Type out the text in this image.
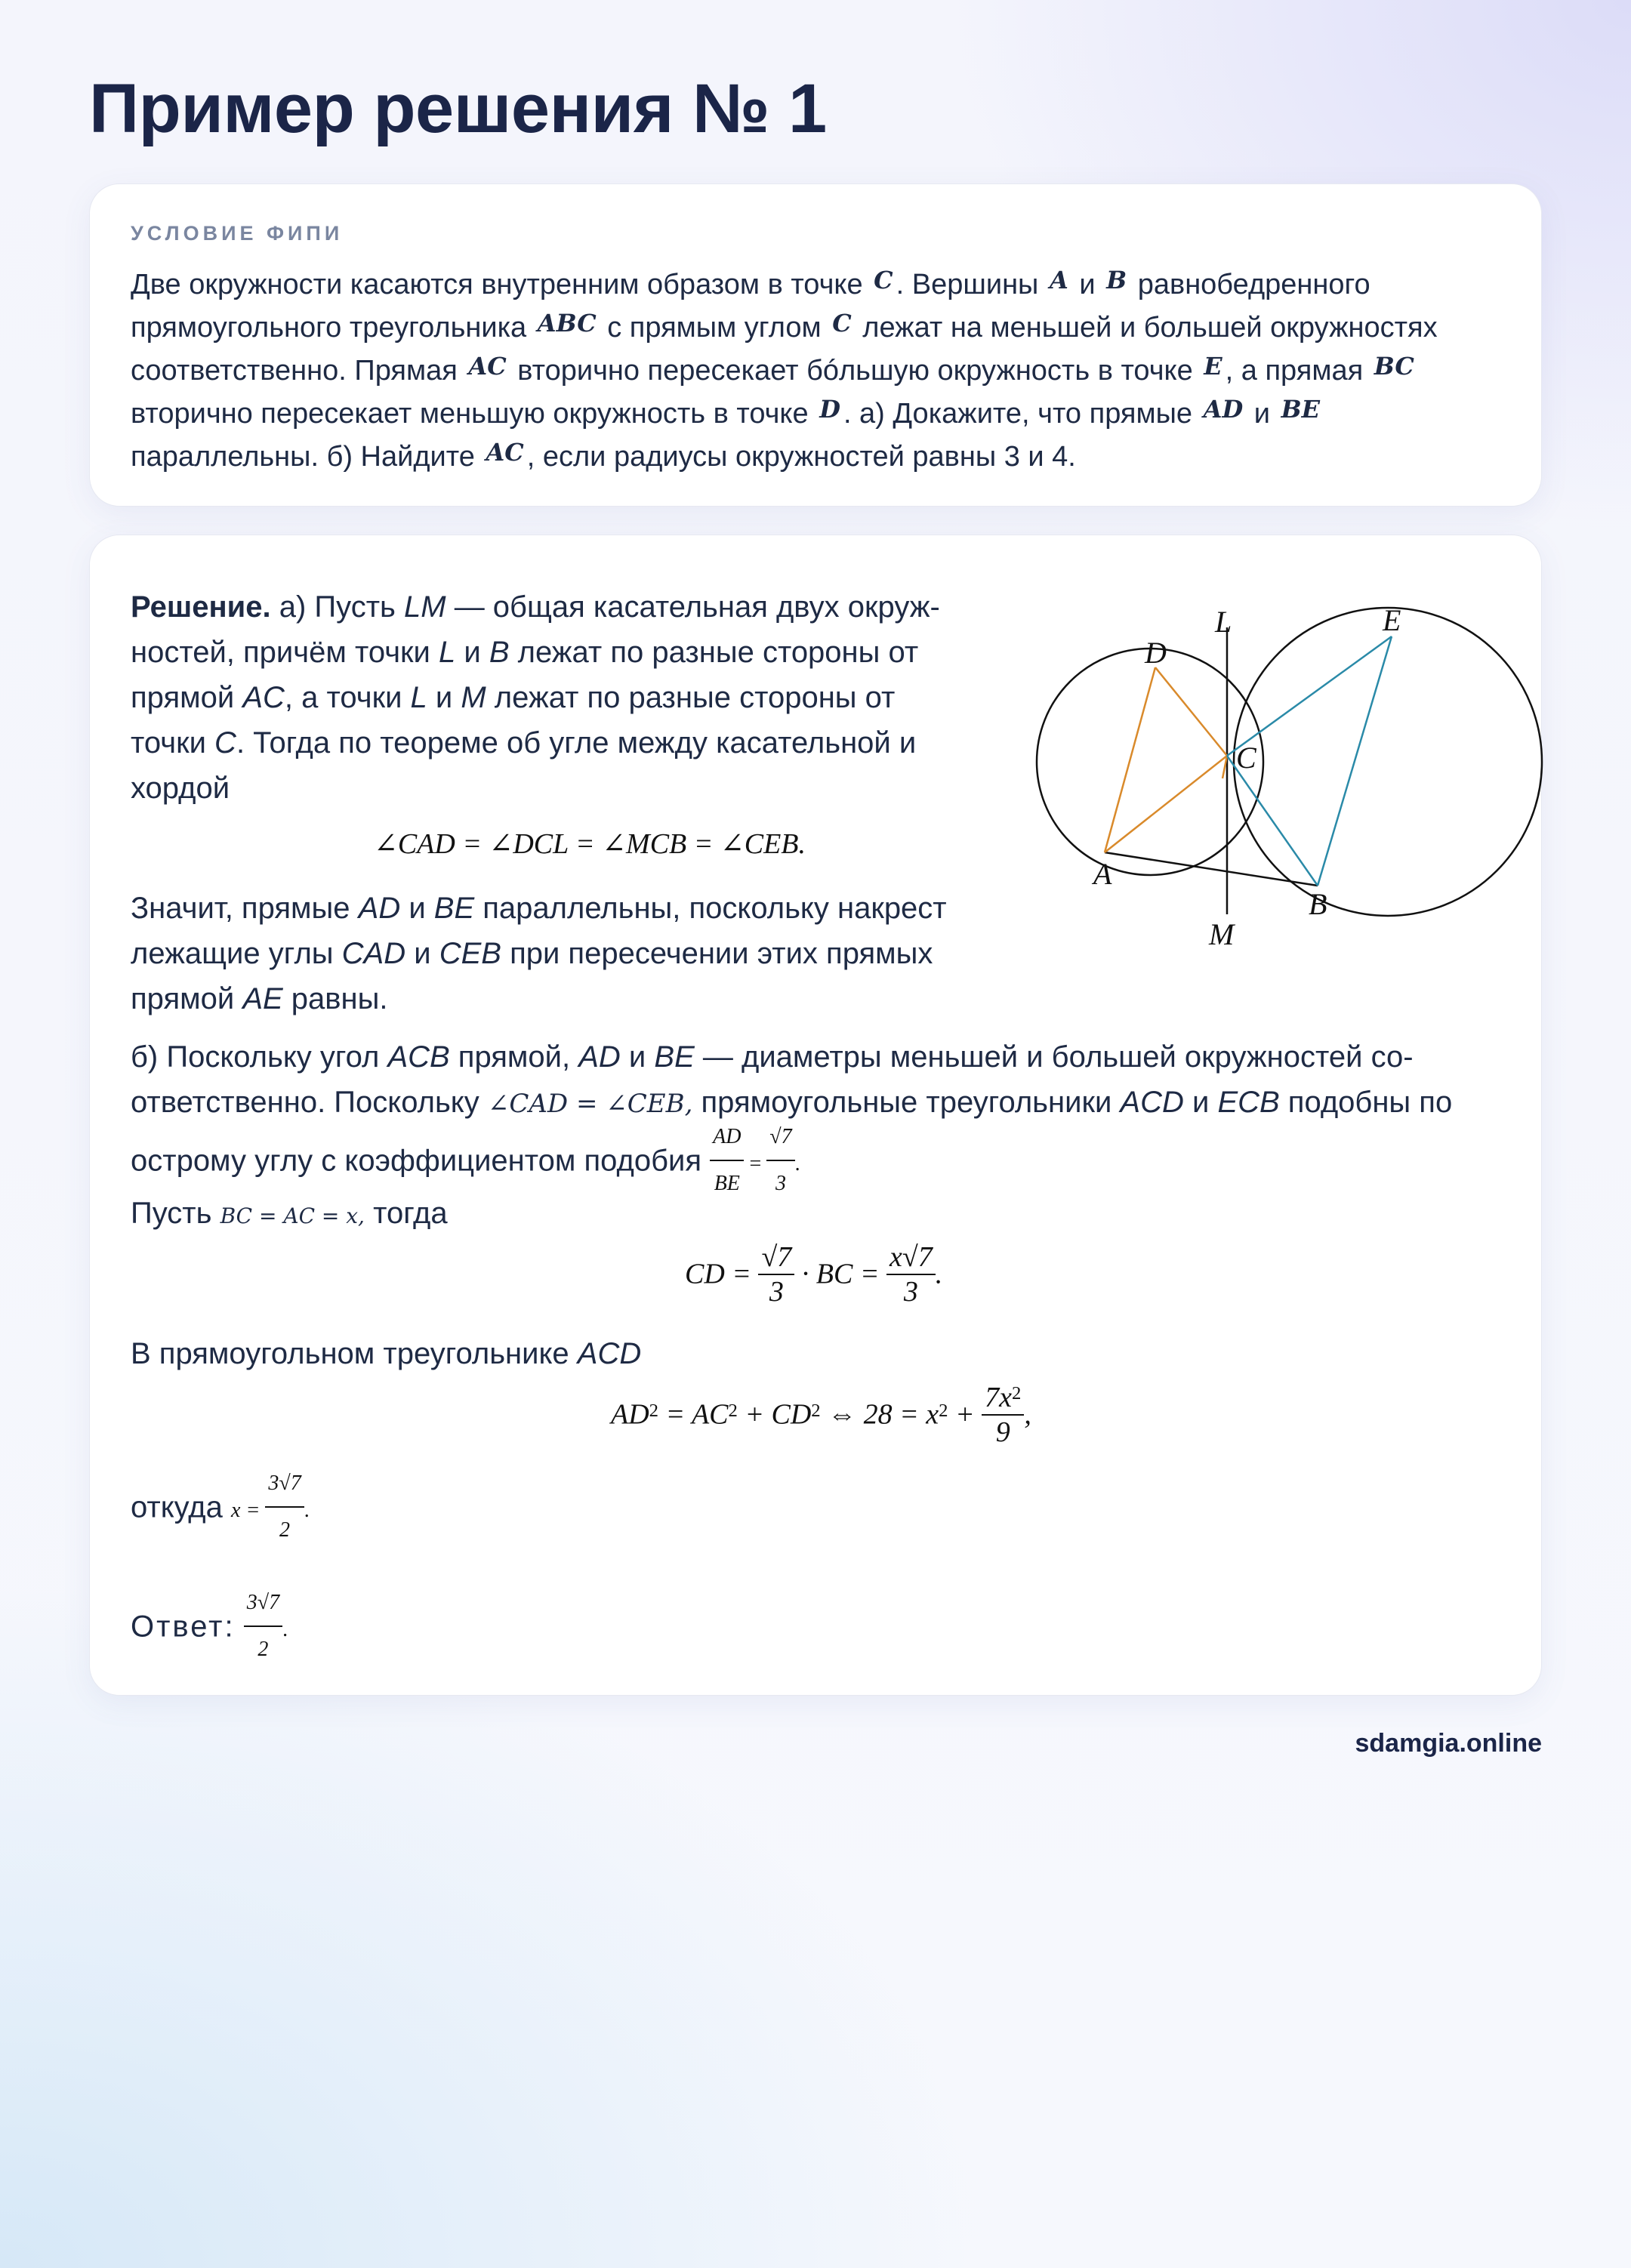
Пример решения № 1
УСЛОВИЕ ФИПИ

Две окружности касаются внутренним образом в точке C . Вершины A и B равнобедренного прямоугольного треугольника ABC с прямым углом C лежат на меньшей и большей окружностях соответственно. Прямая AC вторично пересекает бóльшую окружность в точке E , а прямая BC вторично пересекает меньшую окружность в точке D . а) Докажите, что прямые AD и BE параллельны. б) Найдите AC , если радиусы окружностей равны 3 и 4.

Решение. а) Пусть LM — общая касательная двух окруж-
ностей, причём точки L и B лежат по разные стороны от
прямой AC, а точки L и M лежат по разные стороны от
точки C. Тогда по теореме об угле между касательной и
хордой
∠CAD = ∠DCL = ∠MCB = ∠CEB.
Значит, прямые AD и BE параллельны, поскольку накрест
лежащие углы CAD и CEB при пересечении этих прямых
прямой AE равны.
L	E
D
C
A
B
M
б) Поскольку угол ACB прямой, AD и BE — диаметры меньшей и большей окружностей со-
ответственно. Поскольку ∠CAD = ∠CEB, прямоугольные треугольники ACD и ECB подобны по
острому углу с коэффициентом подобия $\frac{AD}{BE} = \frac{√7}{3}$ .
Пусть BC = AC = x, тогда
CD = $\frac{√7}{3}$ · BC = $\frac{x√7}{3}$ .
В прямоугольном треугольнике ACD
$AD^2 = AC^2 + CD^2$ ⇔ $28 = x^2 + \frac{7x^2}{9}$ ,
откуда $x = \frac{3√7}{2}$ .
Ответ: $\frac{3√7}{2}$ .
sdamgia.online
